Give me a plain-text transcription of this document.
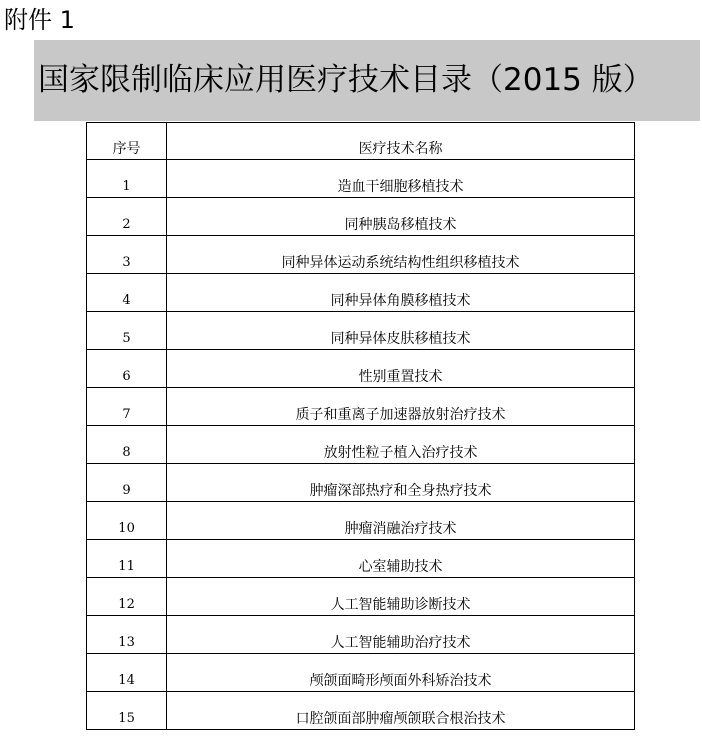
附件 1
国家限制临床应用医疗技术目录（2015 版）
序号	医疗技术名称

1	造血干细胞移植技术

2	同种胰岛移植技术

3	同种异体运动系统结构性组织移植技术

4	同种异体角膜移植技术

5	同种异体皮肤移植技术

6	性别重置技术

7	质子和重离子加速器放射治疗技术

8	放射性粒子植入治疗技术

9	肿瘤深部热疗和全身热疗技术

10	肿瘤消融治疗技术

11	心室辅助技术

12	人工智能辅助诊断技术

13	人工智能辅助治疗技术

14	颅颌面畸形颅面外科矫治技术

15	口腔颌面部肿瘤颅颌联合根治技术
